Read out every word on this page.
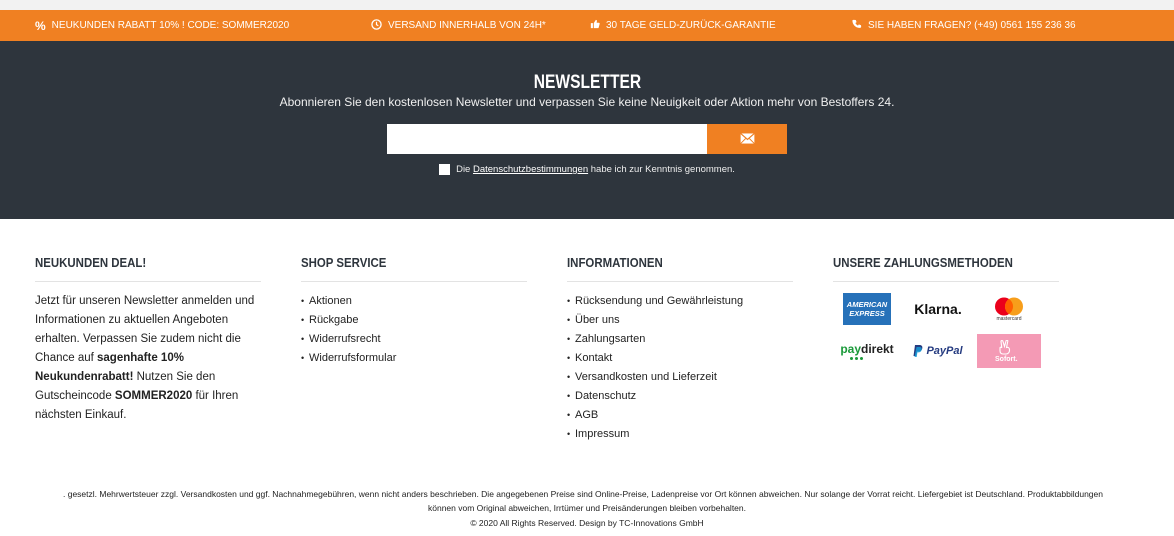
% NEUKUNDEN RABATT 10% ! CODE: SOMMER2020	VERSAND INNERHALB VON 24H*	30 TAGE GELD-ZURÜCK-GARANTIE	SIE HABEN FRAGEN? (+49) 0561 155 236 36
NEWSLETTER
Abonnieren Sie den kostenlosen Newsletter und verpassen Sie keine Neuigkeit oder Aktion mehr von Bestoffers 24.
Die Datenschutzbestimmungen habe ich zur Kenntnis genommen.
NEUKUNDEN DEAL!

Jetzt für unseren Newsletter anmelden und Informationen zu aktuellen Angeboten erhalten. Verpassen Sie zudem nicht die Chance auf sagenhafte 10% Neukundenrabatt! Nutzen Sie den Gutscheincode SOMMER2020 für Ihren nächsten Einkauf.

SHOP SERVICE
• Aktionen
• Rückgabe
• Widerrufsrecht
• Widerrufsformular
INFORMATIONEN
• Rücksendung und Gewährleistung
• Über uns
• Zahlungsarten
• Kontakt
• Versandkosten und Lieferzeit
• Datenschutz
• AGB
• Impressum
UNSERE ZAHLUNGSMETHODEN
AMERICAN
EXPRESS Klarna.
mastercard
paydirekt	PayPal
Sofort.
. gesetzl. Mehrwertsteuer zzgl. Versandkosten und ggf. Nachnahmegebühren, wenn nicht anders beschrieben. Die angegebenen Preise sind Online-Preise, Ladenpreise vor Ort können abweichen. Nur solange der Vorrat reicht. Liefergebiet ist Deutschland. Produktabbildungen
können vom Original abweichen, Irrtümer und Preisänderungen bleiben vorbehalten.
© 2020 All Rights Reserved. Design by TC-Innovations GmbH
